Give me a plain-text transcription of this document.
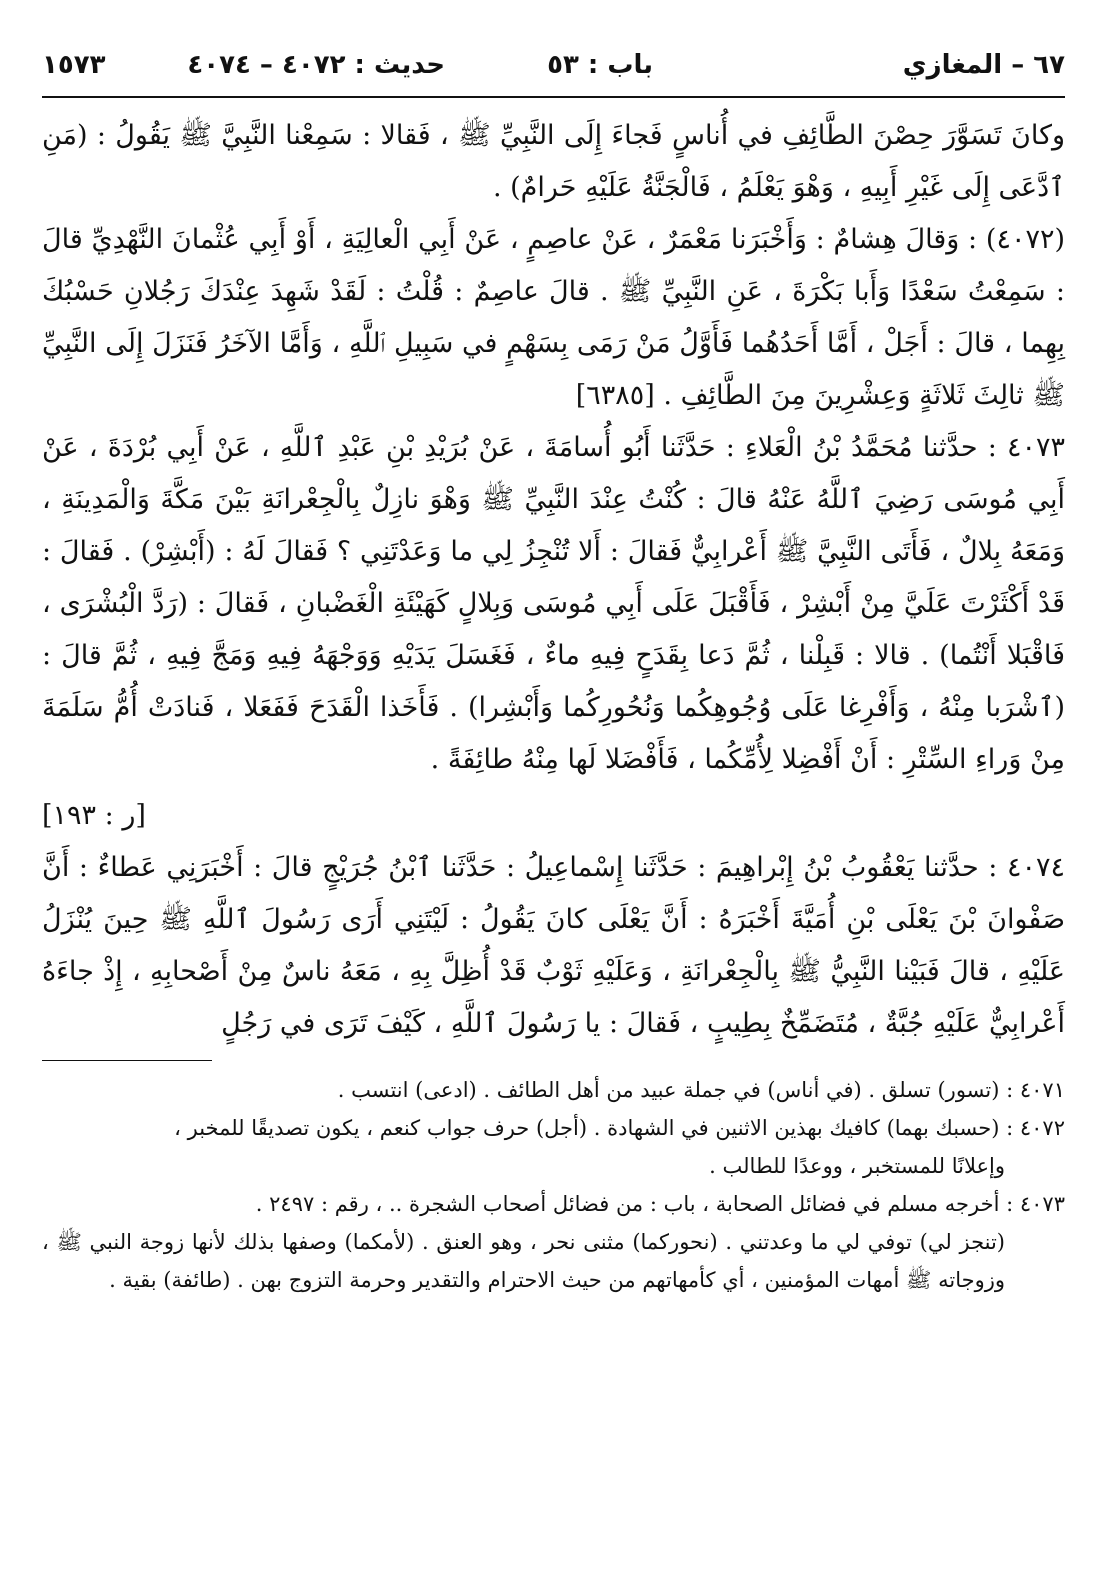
٦٧ – المغازي
باب : ٥٣
حديث : ٤٠٧٢ – ٤٠٧٤
١٥٧٣

وكانَ تَسَوَّرَ حِصْنَ الطَّائِفِ في أُناسٍ فَجاءَ إِلَى النَّبِيِّ ﷺ ، فَقالا : سَمِعْنا النَّبِيَّ ﷺ يَقُولُ : (مَنِ ٱدَّعَى إِلَى غَيْرِ أَبِيهِ ، وَهْوَ يَعْلَمُ ، فَالْجَنَّةُ عَلَيْهِ حَرامٌ) .

(٤٠٧٢) : وَقالَ هِشامٌ : وَأَخْبَرَنا مَعْمَرٌ ، عَنْ عاصِمٍ ، عَنْ أَبِي الْعالِيَةِ ، أَوْ أَبِي عُثْمانَ النَّهْدِيِّ قالَ : سَمِعْتُ سَعْدًا وَأَبا بَكْرَةَ ، عَنِ النَّبِيِّ ﷺ . قالَ عاصِمٌ : قُلْتُ : لَقَدْ شَهِدَ عِنْدَكَ رَجُلانِ حَسْبُكَ بِهِما ، قالَ : أَجَلْ ، أَمَّا أَحَدُهُما فَأَوَّلُ مَنْ رَمَى بِسَهْمٍ في سَبِيلِ ٱللَّهِ ، وَأَمَّا الآخَرُ فَنَزَلَ إِلَى النَّبِيِّ ﷺ ثالِثَ ثَلاثَةٍ وَعِشْرِينَ مِنَ الطَّائِفِ . [٦٣٨٥]

٤٠٧٣ : حدَّثنا مُحَمَّدُ بْنُ الْعَلاءِ : حَدَّثَنا أَبُو أُسامَةَ ، عَنْ بُرَيْدِ بْنِ عَبْدِ ٱللَّهِ ، عَنْ أَبِي بُرْدَةَ ، عَنْ أَبِي مُوسَى رَضِيَ ٱللَّهُ عَنْهُ قالَ : كُنْتُ عِنْدَ النَّبِيِّ ﷺ وَهْوَ نازِلٌ بِالْجِعْرانَةِ بَيْنَ مَكَّةَ وَالْمَدِينَةِ ، وَمَعَهُ بِلالٌ ، فَأَتَى النَّبِيَّ ﷺ أَعْرابِيٌّ فَقالَ : أَلا تُنْجِزُ لِي ما وَعَدْتَنِي ؟ فَقالَ لَهُ : (أَبْشِرْ) . فَقالَ : قَدْ أَكْثَرْتَ عَلَيَّ مِنْ أَبْشِرْ ، فَأَقْبَلَ عَلَى أَبِي مُوسَى وَبِلالٍ كَهَيْئَةِ الْغَضْبانِ ، فَقالَ : (رَدَّ الْبُشْرَى ، فَاقْبَلا أَنْتُما) . قالا : قَبِلْنا ، ثُمَّ دَعا بِقَدَحٍ فِيهِ ماءٌ ، فَغَسَلَ يَدَيْهِ وَوَجْهَهُ فِيهِ وَمَجَّ فِيهِ ، ثُمَّ قالَ : (ٱشْرَبا مِنْهُ ، وَأَفْرِغا عَلَى وُجُوهِكُما وَنُحُورِكُما وَأَبْشِرا) . فَأَخَذا الْقَدَحَ فَفَعَلا ، فَنادَتْ أُمُّ سَلَمَةَ مِنْ وَراءِ السِّتْرِ : أَنْ أَفْضِلا لِأُمِّكُما ، فَأَفْضَلا لَها مِنْهُ طائِفَةً .

[ر : ١٩٣]

٤٠٧٤ : حدَّثنا يَعْقُوبُ بْنُ إِبْراهِيمَ : حَدَّثَنا إِسْماعِيلُ : حَدَّثَنا ٱبْنُ جُرَيْجٍ قالَ : أَخْبَرَنِي عَطاءٌ : أَنَّ صَفْوانَ بْنَ يَعْلَى بْنِ أُمَيَّةَ أَخْبَرَهُ : أَنَّ يَعْلَى كانَ يَقُولُ : لَيْتَنِي أَرَى رَسُولَ ٱللَّهِ ﷺ حِينَ يُنْزَلُ عَلَيْهِ ، قالَ فَبَيْنا النَّبِيُّ ﷺ بِالْجِعْرانَةِ ، وَعَلَيْهِ ثَوْبٌ قَدْ أُظِلَّ بِهِ ، مَعَهُ ناسٌ مِنْ أَصْحابِهِ ، إِذْ جاءَهُ أَعْرابِيٌّ عَلَيْهِ جُبَّةٌ ، مُتَضَمِّخٌ بِطِيبٍ ، فَقالَ : يا رَسُولَ ٱللَّهِ ، كَيْفَ تَرَى في رَجُلٍ

٤٠٧١ : (تسور) تسلق . (في أناس) في جملة عبيد من أهل الطائف . (ادعى) انتسب .

٤٠٧٢ : (حسبك بهما) كافيك بهذين الاثنين في الشهادة . (أجل) حرف جواب كنعم ، يكون تصديقًا للمخبر ،

وإعلانًا للمستخبر ، ووعدًا للطالب .

٤٠٧٣ : أخرجه مسلم في فضائل الصحابة ، باب : من فضائل أصحاب الشجرة .. ، رقم : ٢٤٩٧ .

(تنجز لي) توفي لي ما وعدتني . (نحوركما) مثنى نحر ، وهو العنق . (لأمكما) وصفها بذلك لأنها زوجة النبي ﷺ ، وزوجاته ﷺ أمهات المؤمنين ، أي كأمهاتهم من حيث الاحترام والتقدير وحرمة التزوج بهن . (طائفة) بقية .
